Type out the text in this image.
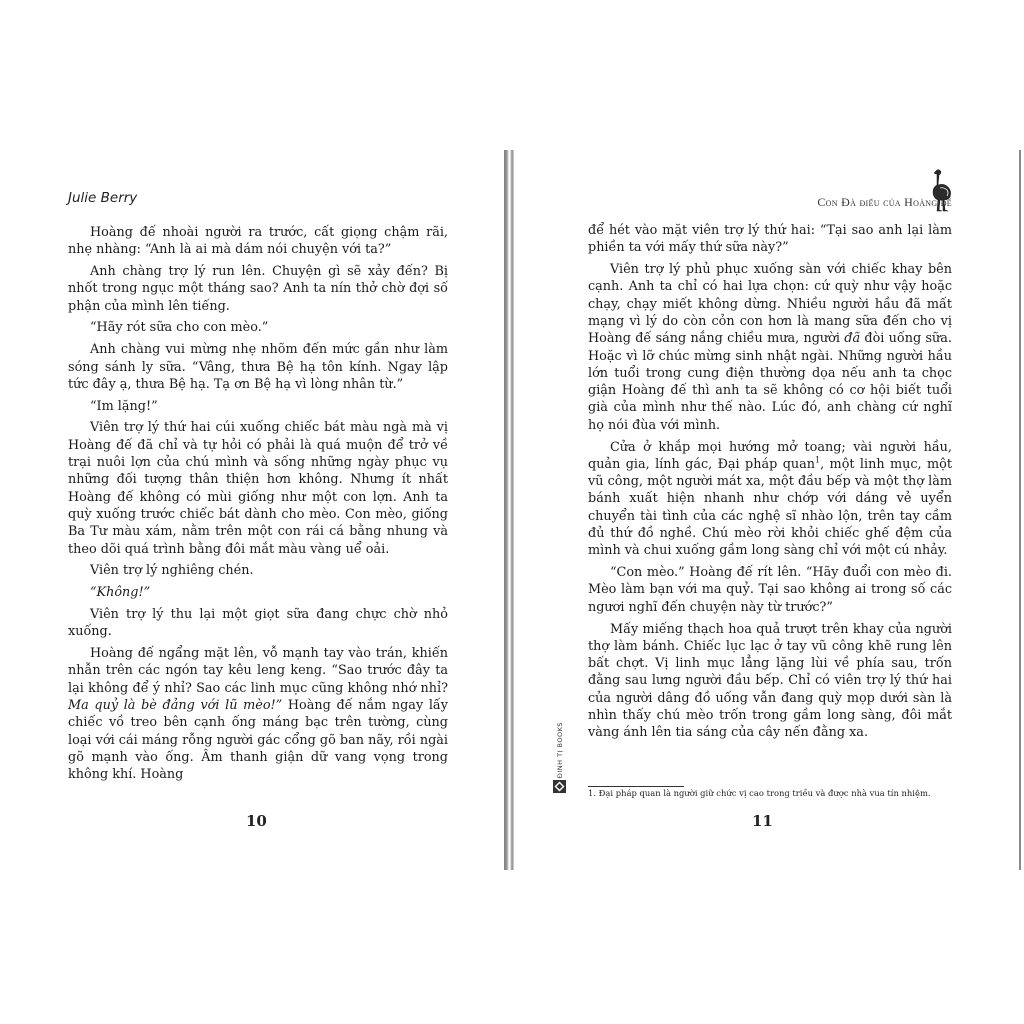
Julie Berry

Hoàng đế nhoài người ra trước, cất giọng chậm rãi, nhẹ nhàng: “Anh là ai mà dám nói chuyện với ta?”

Anh chàng trợ lý run lên. Chuyện gì sẽ xảy đến? Bị nhốt trong ngục một tháng sao? Anh ta nín thở chờ đợi số phận của mình lên tiếng.

“Hãy rót sữa cho con mèo.”

Anh chàng vui mừng nhẹ nhõm đến mức gần như làm sóng sánh ly sữa. “Vâng, thưa Bệ hạ tôn kính. Ngay lập tức đây ạ, thưa Bệ hạ. Tạ ơn Bệ hạ vì lòng nhân từ.”

“Im lặng!”

Viên trợ lý thứ hai cúi xuống chiếc bát màu ngà mà vị Hoàng đế đã chỉ và tự hỏi có phải là quá muộn để trở về trại nuôi lợn của chú mình và sống những ngày phục vụ những đối tượng thân thiện hơn không. Nhưng ít nhất Hoàng đế không có mùi giống như một con lợn. Anh ta quỳ xuống trước chiếc bát dành cho mèo. Con mèo, giống Ba Tư màu xám, nằm trên một con rái cá bằng nhung và theo dõi quá trình bằng đôi mắt màu vàng uể oải.

Viên trợ lý nghiêng chén.

“Không!”

Viên trợ lý thu lại một giọt sữa đang chực chờ nhỏ xuống.

Hoàng đế ngẩng mặt lên, vỗ mạnh tay vào trán, khiến nhẫn trên các ngón tay kêu leng keng. “Sao trước đây ta lại không để ý nhỉ? Sao các linh mục cũng không nhớ nhỉ? Ma quỷ là bè đảng với lũ mèo!” Hoàng đế nắm ngay lấy chiếc vồ treo bên cạnh ống máng bạc trên tường, cùng loại với cái máng rỗng người gác cổng gõ ban nãy, rồi ngài gõ mạnh vào ống. Âm thanh giận dữ vang vọng trong không khí. Hoàng

10
Con Đà điểu của Hoàng đế

để hét vào mặt viên trợ lý thứ hai: “Tại sao anh lại làm phiền ta với mấy thứ sữa này?”

Viên trợ lý phủ phục xuống sàn với chiếc khay bên cạnh. Anh ta chỉ có hai lựa chọn: cứ quỳ như vậy hoặc chạy, chạy miết không dừng. Nhiều người hầu đã mất mạng vì lý do còn cỏn con hơn là mang sữa đến cho vị Hoàng đế sáng nắng chiều mưa, người đã đòi uống sữa. Hoặc vì lỡ chúc mừng sinh nhật ngài. Những người hầu lớn tuổi trong cung điện thường dọa nếu anh ta chọc giận Hoàng đế thì anh ta sẽ không có cơ hội biết tuổi già của mình như thế nào. Lúc đó, anh chàng cứ nghĩ họ nói đùa với mình.

Cửa ở khắp mọi hướng mở toang; vài người hầu, quản gia, lính gác, Đại pháp quan$^1$, một linh mục, một vũ công, một người mát xa, một đầu bếp và một thợ làm bánh xuất hiện nhanh như chớp với dáng vẻ uyển chuyển tài tình của các nghệ sĩ nhào lộn, trên tay cầm đủ thứ đồ nghề. Chú mèo rời khỏi chiếc ghế đệm của mình và chui xuống gầm long sàng chỉ với một cú nhảy.

“Con mèo.” Hoàng đế rít lên. “Hãy đuổi con mèo đi. Mèo làm bạn với ma quỷ. Tại sao không ai trong số các ngươi nghĩ đến chuyện này từ trước?”

Mấy miếng thạch hoa quả trượt trên khay của người thợ làm bánh. Chiếc lục lạc ở tay vũ công khẽ rung lên bất chợt. Vị linh mục lẳng lặng lùi về phía sau, trốn đằng sau lưng người đầu bếp. Chỉ có viên trợ lý thứ hai của người dâng đồ uống vẫn đang quỳ mọp dưới sàn là nhìn thấy chú mèo trốn trong gầm long sàng, đôi mắt vàng ánh lên tia sáng của cây nến đằng xa.

ĐINH TỊ BOOKS
1. Đại pháp quan là người giữ chức vị cao trong triều và được nhà vua tín nhiệm.
11
